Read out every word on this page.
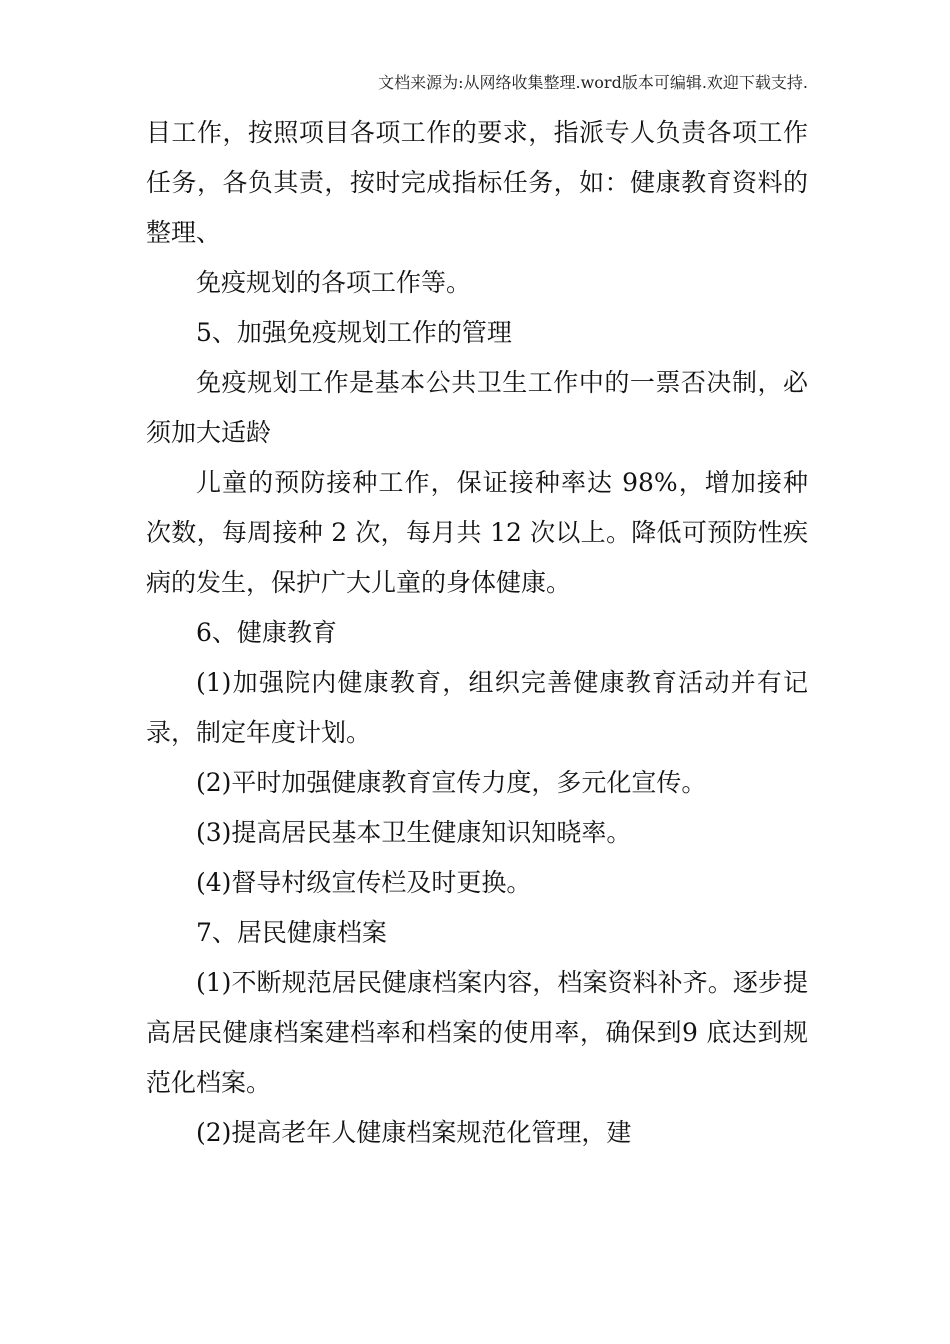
文档来源为:从网络收集整理.word版本可编辑.欢迎下载支持.

目工作，按照项目各项工作的要求，指派专人负责各项工作任务，各负其责，按时完成指标任务，如：健康教育资料的整理、

免疫规划的各项工作等。

5、加强免疫规划工作的管理

免疫规划工作是基本公共卫生工作中的一票否决制，必须加大适龄

儿童的预防接种工作，保证接种率达 98%，增加接种次数，每周接种 2 次，每月共 12 次以上。降低可预防性疾病的发生，保护广大儿童的身体健康。

6、健康教育

(1)加强院内健康教育，组织完善健康教育活动并有记录，制定年度计划。

(2)平时加强健康教育宣传力度，多元化宣传。

(3)提高居民基本卫生健康知识知晓率。

(4)督导村级宣传栏及时更换。

7、居民健康档案

(1)不断规范居民健康档案内容，档案资料补齐。逐步提高居民健康档案建档率和档案的使用率，确保到9 底达到规范化档案。

(2)提高老年人健康档案规范化管理，建
